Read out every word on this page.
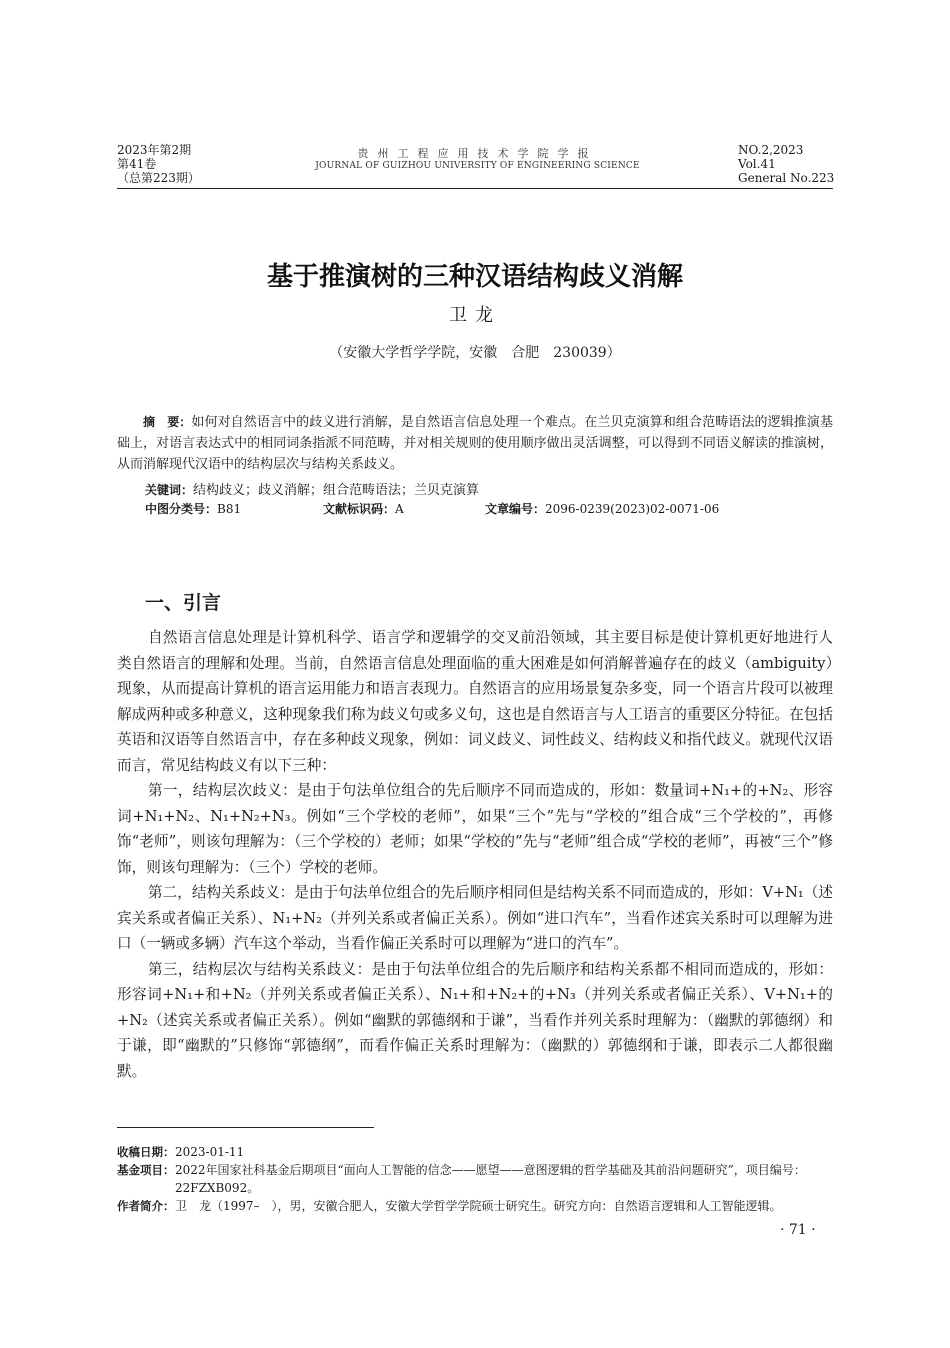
2023年第2期
第41卷
（总第223期）
贵州工程应用技术学院学报
JOURNAL OF GUIZHOU UNIVERSITY OF ENGINEERING SCIENCE
NO.2,2023
Vol.41
General No.223
基于推演树的三种汉语结构歧义消解
卫龙
（安徽大学哲学学院，安徽　合肥　230039）
摘　要：如何对自然语言中的歧义进行消解，是自然语言信息处理一个难点。在兰贝克演算和组合范畴语法的逻辑推演基础上，对语言表达式中的相同词条指派不同范畴，并对相关规则的使用顺序做出灵活调整，可以得到不同语义解读的推演树，从而消解现代汉语中的结构层次与结构关系歧义。
关键词：结构歧义；歧义消解；组合范畴语法；兰贝克演算
中图分类号：B81	文献标识码：A	文章编号：2096-0239(2023)02-0071-06
一、引言

自然语言信息处理是计算机科学、语言学和逻辑学的交叉前沿领域，其主要目标是使计算机更好地进行人类自然语言的理解和处理。当前，自然语言信息处理面临的重大困难是如何消解普遍存在的歧义（ambiguity）现象，从而提高计算机的语言运用能力和语言表现力。自然语言的应用场景复杂多变，同一个语言片段可以被理解成两种或多种意义，这种现象我们称为歧义句或多义句，这也是自然语言与人工语言的重要区分特征。在包括英语和汉语等自然语言中，存在多种歧义现象，例如：词义歧义、词性歧义、结构歧义和指代歧义。就现代汉语而言，常见结构歧义有以下三种：

第一，结构层次歧义：是由于句法单位组合的先后顺序不同而造成的，形如：数量词+N₁+的+N₂、形容词+N₁+N₂、N₁+N₂+N₃。例如“三个学校的老师”，如果“三个”先与“学校的”组合成“三个学校的”，再修饰“老师”，则该句理解为：（三个学校的）老师；如果“学校的”先与“老师”组合成“学校的老师”，再被“三个”修饰，则该句理解为：（三个）学校的老师。

第二，结构关系歧义：是由于句法单位组合的先后顺序相同但是结构关系不同而造成的，形如：V+N₁（述宾关系或者偏正关系）、N₁+N₂（并列关系或者偏正关系）。例如“进口汽车”，当看作述宾关系时可以理解为进口（一辆或多辆）汽车这个举动，当看作偏正关系时可以理解为“进口的汽车”。

第三，结构层次与结构关系歧义：是由于句法单位组合的先后顺序和结构关系都不相同而造成的，形如：形容词+N₁+和+N₂（并列关系或者偏正关系）、N₁+和+N₂+的+N₃（并列关系或者偏正关系）、V+N₁+的+N₂（述宾关系或者偏正关系）。例如“幽默的郭德纲和于谦”，当看作并列关系时理解为：（幽默的郭德纲）和于谦，即“幽默的”只修饰“郭德纲”，而看作偏正关系时理解为：（幽默的）郭德纲和于谦，即表示二人都很幽默。

收稿日期： 2023-01-11
基金项目： 2022年国家社科基金后期项目“面向人工智能的信念——愿望——意图逻辑的哲学基础及其前沿问题研究”，项目编号：22FZXB092。
作者简介： 卫　龙（1997–　），男，安徽合肥人，安徽大学哲学学院硕士研究生。研究方向：自然语言逻辑和人工智能逻辑。
· 71 ·
